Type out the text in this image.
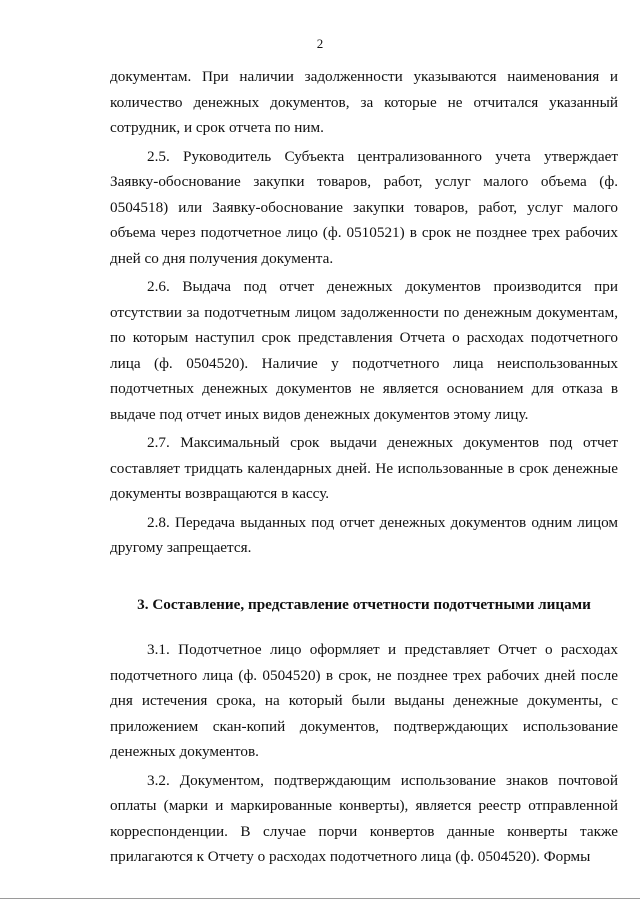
2

документам. При наличии задолженности указываются наименования и количество денежных документов, за которые не отчитался указанный сотрудник, и срок отчета по ним.

2.5. Руководитель Субъекта централизованного учета утверждает Заявку-обоснование закупки товаров, работ, услуг малого объема (ф. 0504518) или Заявку-обоснование закупки товаров, работ, услуг малого объема через подотчетное лицо (ф. 0510521) в срок не позднее трех рабочих дней со дня получения документа.

2.6. Выдача под отчет денежных документов производится при отсутствии за подотчетным лицом задолженности по денежным документам, по которым наступил срок представления Отчета о расходах подотчетного лица (ф. 0504520). Наличие у подотчетного лица неиспользованных подотчетных денежных документов не является основанием для отказа в выдаче под отчет иных видов денежных документов этому лицу.

2.7. Максимальный срок выдачи денежных документов под отчет составляет тридцать календарных дней. Не использованные в срок денежные документы возвращаются в кассу.

2.8. Передача выданных под отчет денежных документов одним лицом другому запрещается.

3. Составление, представление отчетности подотчетными лицами

3.1. Подотчетное лицо оформляет и представляет Отчет о расходах подотчетного лица (ф. 0504520) в срок, не позднее трех рабочих дней после дня истечения срока, на который были выданы денежные документы, с приложением скан-копий документов, подтверждающих использование денежных документов.

3.2. Документом, подтверждающим использование знаков почтовой оплаты (марки и маркированные конверты), является реестр отправленной корреспонденции. В случае порчи конвертов данные конверты также прилагаются к Отчету о расходах подотчетного лица (ф. 0504520). Формы
